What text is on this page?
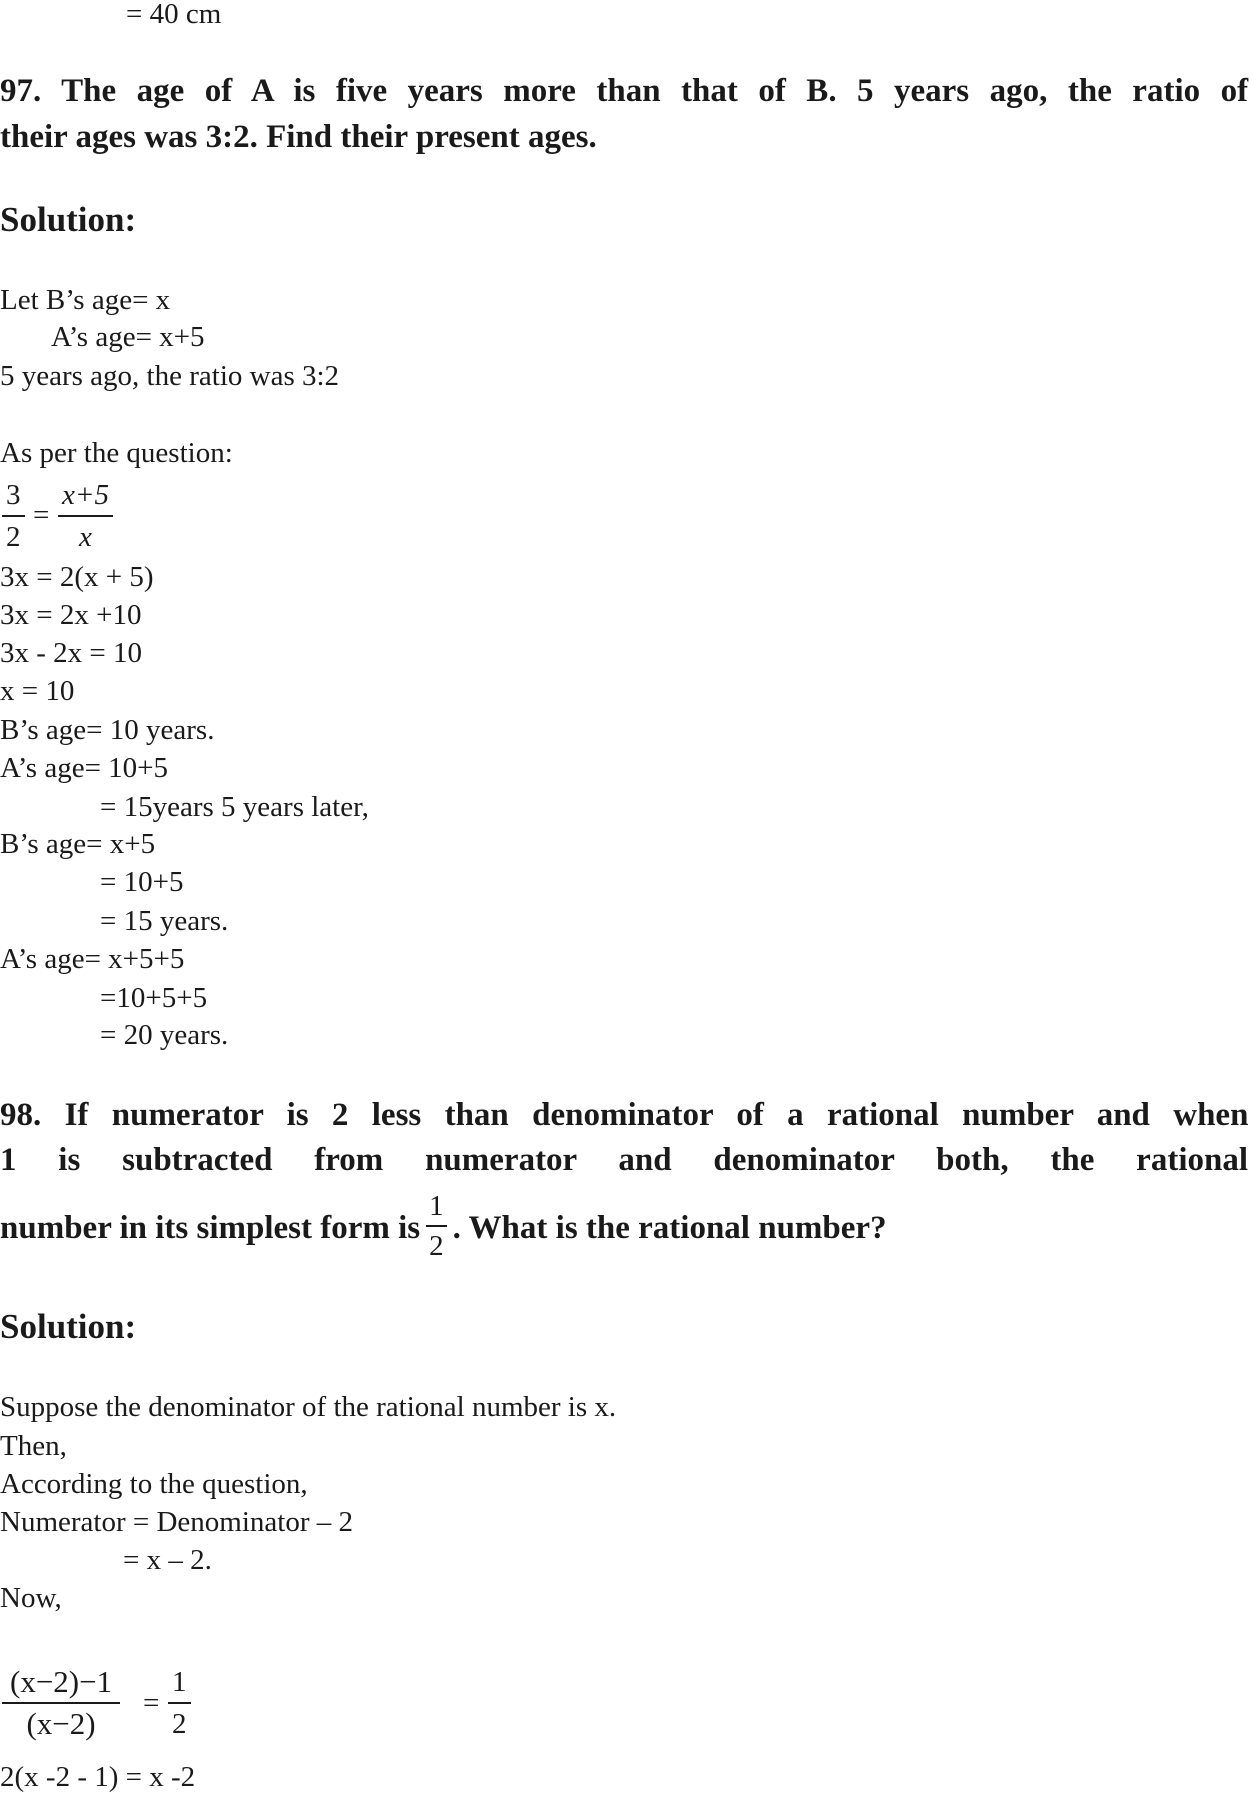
= 40 cm
97. The age of A is five years more than that of B. 5 years ago, the ratio of
their ages was 3:2. Find their present ages.
Solution:
Let B’s age= x
A’s age= x+5
5 years ago, the ratio was 3:2
As per the question:
$\frac{3}{2} = \frac{x+5}{x}$
3x = 2(x + 5)
3x = 2x +10
3x - 2x = 10
x = 10
B’s age= 10 years.
A’s age= 10+5
= 15years 5 years later,
B’s age= x+5
= 10+5
= 15 years.
A’s age= x+5+5
=10+5+5
= 20 years.
98. If numerator is 2 less than denominator of a rational number and when
1 is subtracted from numerator and denominator both, the rational
number in its simplest form is $\frac{1}{2}$ . What is the rational number?
Solution:
Suppose the denominator of the rational number is x.
Then,
According to the question,
Numerator = Denominator – 2
= x – 2.
Now,
$\frac{(x-2)-1}{(x-2)} = \frac{1}{2}$
2(x -2 - 1) = x -2
